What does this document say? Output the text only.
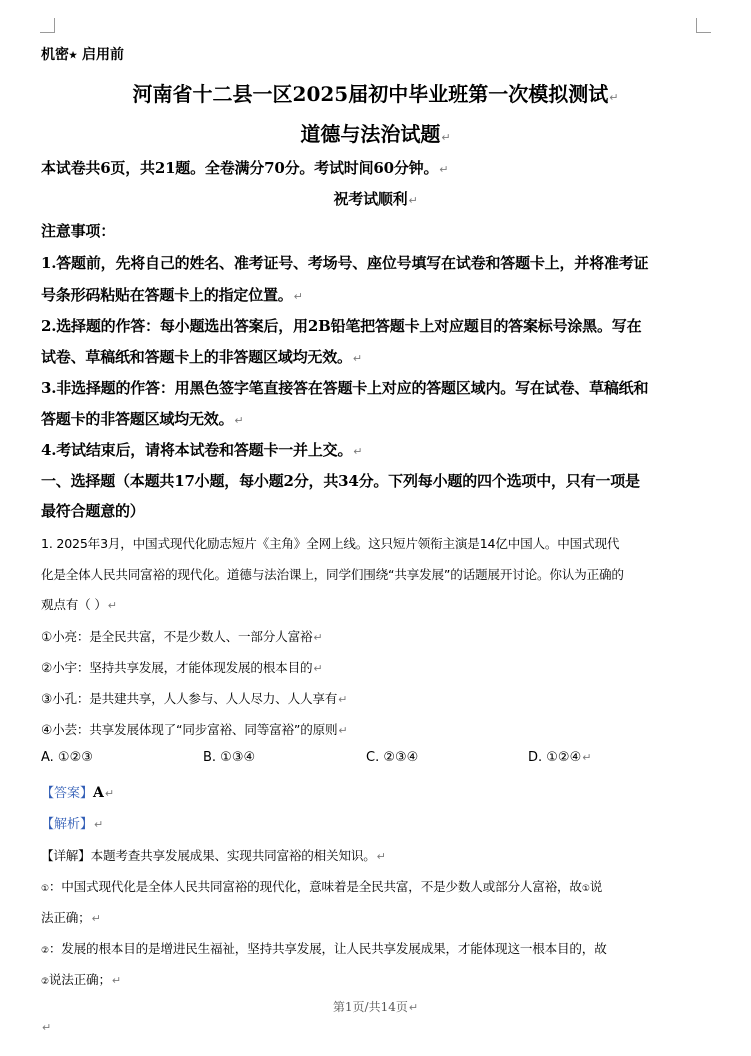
机密★ 启用前
河南省十二县一区2025届初中毕业班第一次模拟测试↵
道德与法治试题↵
本试卷共6页，共21题。全卷满分70分。考试时间60分钟。↵
祝考试顺利↵
注意事项：
1.答题前，先将自己的姓名、准考证号、考场号、座位号填写在试卷和答题卡上，并将准考证
号条形码粘贴在答题卡上的指定位置。↵
2.选择题的作答：每小题选出答案后，用2B铅笔把答题卡上对应题目的答案标号涂黑。写在
试卷、草稿纸和答题卡上的非答题区域均无效。↵
3.非选择题的作答：用黑色签字笔直接答在答题卡上对应的答题区域内。写在试卷、草稿纸和
答题卡的非答题区域均无效。↵
4.考试结束后，请将本试卷和答题卡一并上交。↵
一、选择题（本题共17小题，每小题2分，共34分。下列每小题的四个选项中，只有一项是
最符合题意的）
1. 2025年3月，中国式现代化励志短片《主角》全网上线。这只短片领衔主演是14亿中国人。中国式现代
化是全体人民共同富裕的现代化。道德与法治课上，同学们围绕“共享发展”的话题展开讨论。你认为正确的
观点有（ ）↵
①小亮：是全民共富，不是少数人、一部分人富裕↵
②小宇：坚持共享发展，才能体现发展的根本目的↵
③小孔：是共建共享，人人参与、人人尽力、人人享有↵
④小芸：共享发展体现了“同步富裕、同等富裕”的原则↵
A. ①②③	B. ①③④	C. ②③④	D. ①②④↵
【答案】A↵
【解析】↵
【详解】本题考查共享发展成果、实现共同富裕的相关知识。↵
①：中国式现代化是全体人民共同富裕的现代化，意味着是全民共富，不是少数人或部分人富裕，故①说
法正确；↵
②：发展的根本目的是增进民生福祉，坚持共享发展，让人民共享发展成果，才能体现这一根本目的，故
②说法正确；↵
第1页/共14页↵
↵
